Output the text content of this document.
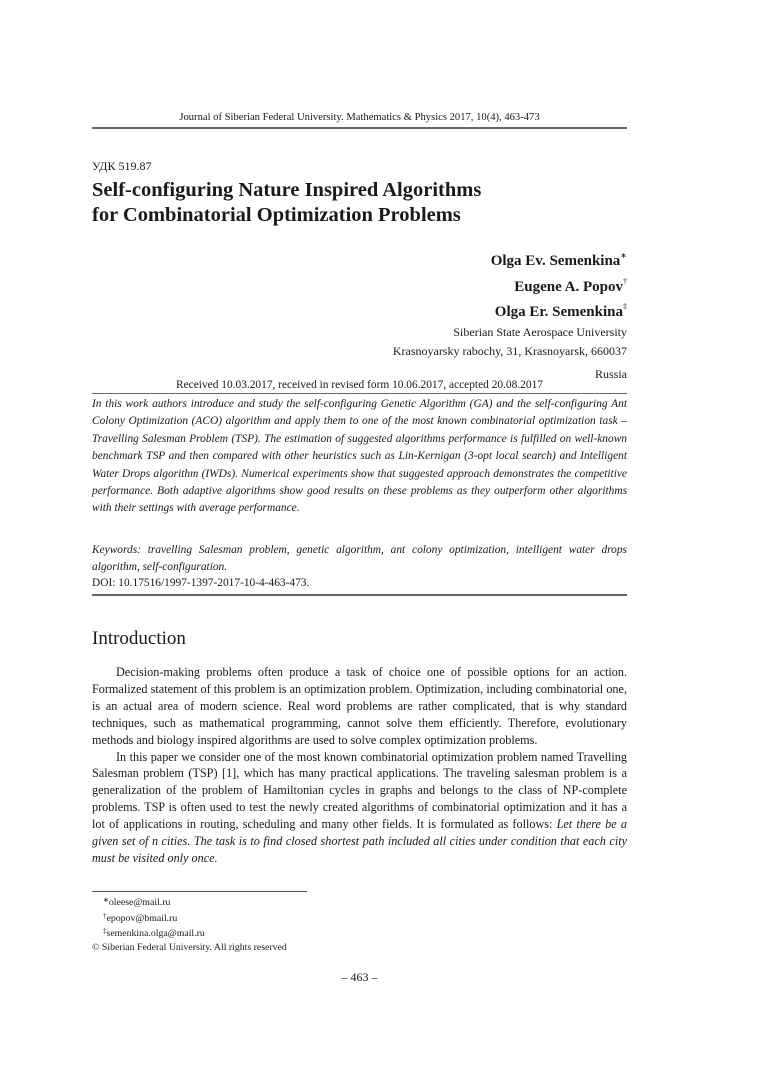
Journal of Siberian Federal University. Mathematics & Physics 2017, 10(4), 463-473
УДК 519.87
Self-configuring Nature Inspired Algorithms
for Combinatorial Optimization Problems
Olga Ev. Semenkina∗
Eugene A. Popov†
Olga Er. Semenkina‡
Siberian State Aerospace University
Krasnoyarsky rabochy, 31, Krasnoyarsk, 660037
Russia
Received 10.03.2017, received in revised form 10.06.2017, accepted 20.08.2017
In this work authors introduce and study the self-configuring Genetic Algorithm (GA) and the self-configuring Ant Colony Optimization (ACO) algorithm and apply them to one of the most known combinatorial optimization task – Travelling Salesman Problem (TSP). The estimation of suggested algorithms performance is fulfilled on well-known benchmark TSP and then compared with other heuristics such as Lin-Kernigan (3-opt local search) and Intelligent Water Drops algorithm (IWDs). Numerical experiments show that suggested approach demonstrates the competitive performance. Both adaptive algorithms show good results on these problems as they outperform other algorithms with their settings with average performance.
Keywords: travelling Salesman problem, genetic algorithm, ant colony optimization, intelligent water drops algorithm, self-configuration.
DOI: 10.17516/1997-1397-2017-10-4-463-473.
Introduction

Decision-making problems often produce a task of choice one of possible options for an action. Formalized statement of this problem is an optimization problem. Optimization, including combinatorial one, is an actual area of modern science. Real word problems are rather complicated, that is why standard techniques, such as mathematical programming, cannot solve them efficiently. Therefore, evolutionary methods and biology inspired algorithms are used to solve complex optimization problems.

In this paper we consider one of the most known combinatorial optimization problem named Travelling Salesman problem (TSP) [1], which has many practical applications. The traveling salesman problem is a generalization of the problem of Hamiltonian cycles in graphs and belongs to the class of NP-complete problems. TSP is often used to test the newly created algorithms of combinatorial optimization and it has a lot of applications in routing, scheduling and many other fields. It is formulated as follows: Let there be a given set of n cities. The task is to find closed shortest path included all cities under condition that each city must be visited only once.

∗oleese@mail.ru
†epopov@bmail.ru
‡semenkina.olga@mail.ru
© Siberian Federal University. All rights reserved
– 463 –
